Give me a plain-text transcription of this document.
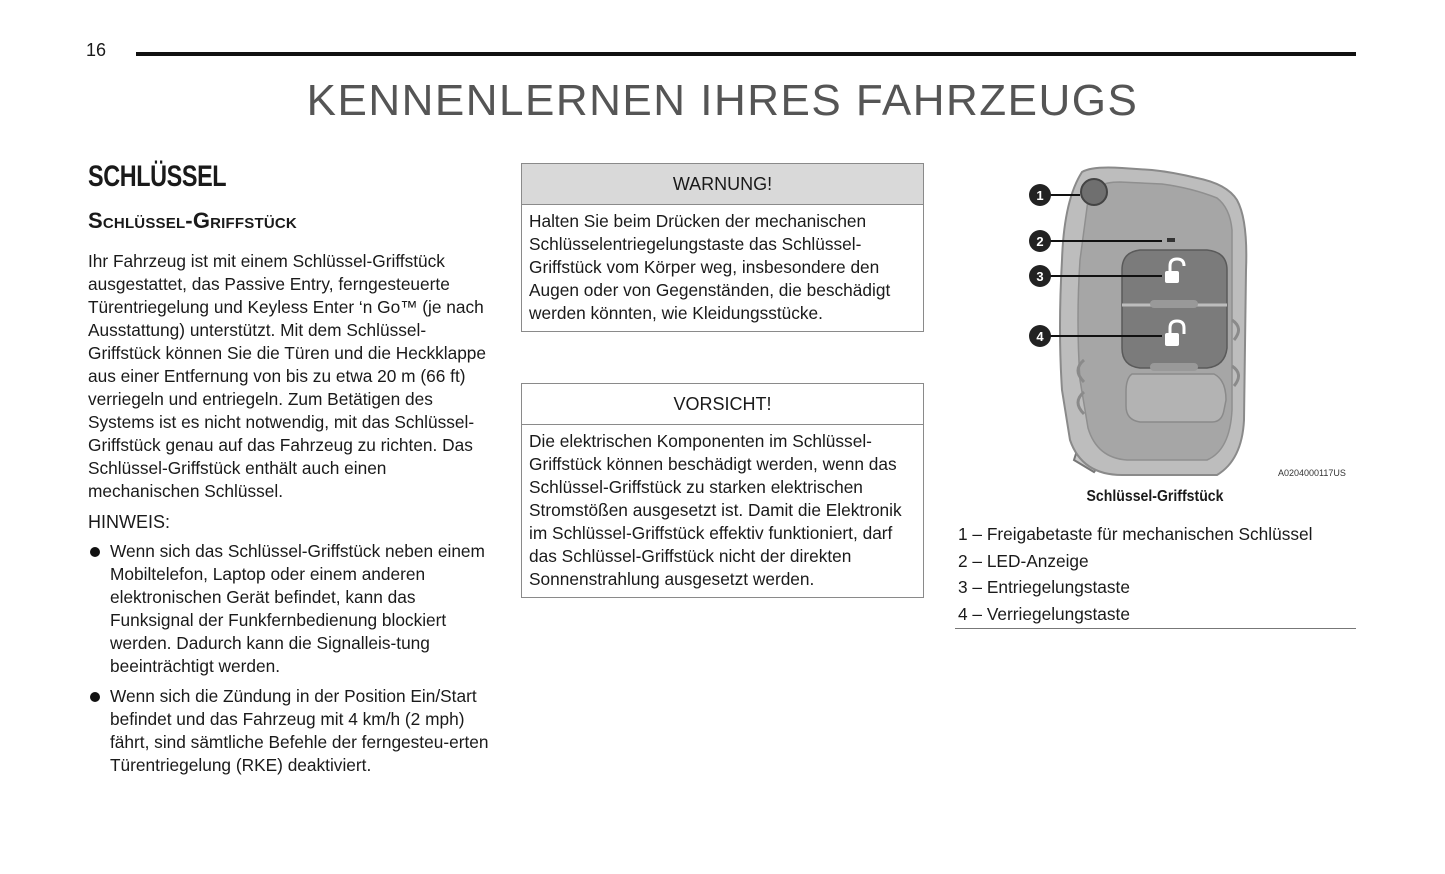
16
KENNENLERNEN IHRES FAHRZEUGS
SCHLÜSSEL
Schlüssel-Griffstück
Ihr Fahrzeug ist mit einem Schlüssel-Griffstück ausgestattet, das Passive Entry, ferngesteuerte Türentriegelung und Keyless Enter ‘n Go™ (je nach Ausstattung) unterstützt. Mit dem Schlüssel-Griffstück können Sie die Türen und die Heckklappe aus einer Entfernung von bis zu etwa 20 m (66 ft) verriegeln und entriegeln. Zum Betätigen des Systems ist es nicht notwendig, mit das Schlüssel-Griffstück genau auf das Fahrzeug zu richten. Das Schlüssel-Griffstück enthält auch einen mechanischen Schlüssel.
HINWEIS:
Wenn sich das Schlüssel-Griffstück neben einem Mobiltelefon, Laptop oder einem anderen elektronischen Gerät befindet, kann das Funksignal der Funkfernbedienung blockiert werden. Dadurch kann die Signalleis-tung beeinträchtigt werden.
Wenn sich die Zündung in der Position Ein/Start befindet und das Fahrzeug mit 4 km/h (2 mph) fährt, sind sämtliche Befehle der ferngesteu-erten Türentriegelung (RKE) deaktiviert.
WARNUNG!
Halten Sie beim Drücken der mechanischen Schlüsselentriegelungstaste das Schlüssel-Griffstück vom Körper weg, insbesondere den Augen oder von Gegenständen, die beschädigt werden könnten, wie Kleidungsstücke.
VORSICHT!
Die elektrischen Komponenten im Schlüssel-Griffstück können beschädigt werden, wenn das Schlüssel-Griffstück zu starken elektrischen Stromstößen ausgesetzt ist. Damit die Elektronik im Schlüssel-Griffstück effektiv funktioniert, darf das Schlüssel-Griffstück nicht der direkten Sonnenstrahlung ausgesetzt werden.
1
2
3
4
A0204000117US
Schlüssel-Griffstück
1 – Freigabetaste für mechanischen Schlüssel
2 – LED-Anzeige
3 – Entriegelungstaste
4 – Verriegelungstaste
